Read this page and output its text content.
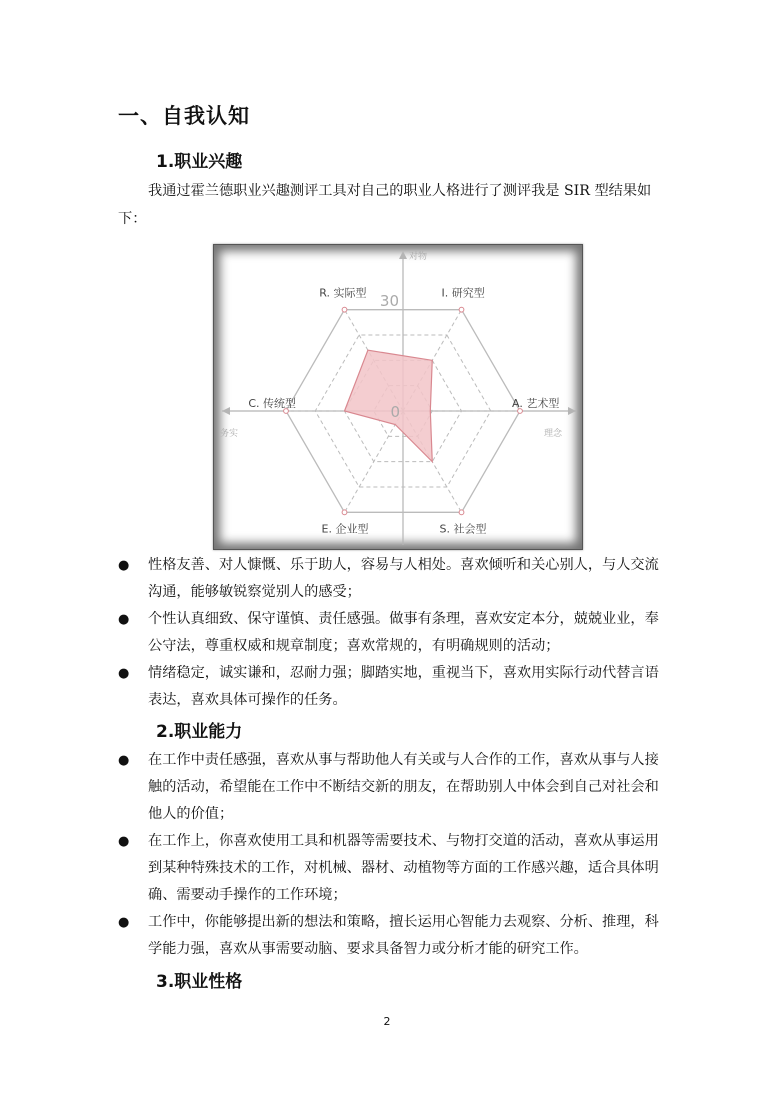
一、自我认知
1.职业兴趣
我通过霍兰德职业兴趣测评工具对自己的职业人格进行了测评我是 SIR 型结果如下：
I. 研究型
A. 艺术型
S. 社会型
E. 企业型
C. 传统型
R. 实际型 30
0
对物
务实	理念
● 性格友善、对人慷慨、乐于助人，容易与人相处。喜欢倾听和关心别人，与人交流沟通，能够敏锐察觉别人的感受；
● 个性认真细致、保守谨慎、责任感强。做事有条理，喜欢安定本分，兢兢业业，奉公守法，尊重权威和规章制度；喜欢常规的，有明确规则的活动；
● 情绪稳定，诚实谦和，忍耐力强；脚踏实地，重视当下，喜欢用实际行动代替言语表达，喜欢具体可操作的任务。
2.职业能力
● 在工作中责任感强，喜欢从事与帮助他人有关或与人合作的工作，喜欢从事与人接触的活动，希望能在工作中不断结交新的朋友，在帮助别人中体会到自己对社会和他人的价值；
● 在工作上，你喜欢使用工具和机器等需要技术、与物打交道的活动，喜欢从事运用到某种特殊技术的工作，对机械、器材、动植物等方面的工作感兴趣，适合具体明确、需要动手操作的工作环境；
● 工作中，你能够提出新的想法和策略，擅长运用心智能力去观察、分析、推理，科学能力强，喜欢从事需要动脑、要求具备智力或分析才能的研究工作。
3.职业性格
2
